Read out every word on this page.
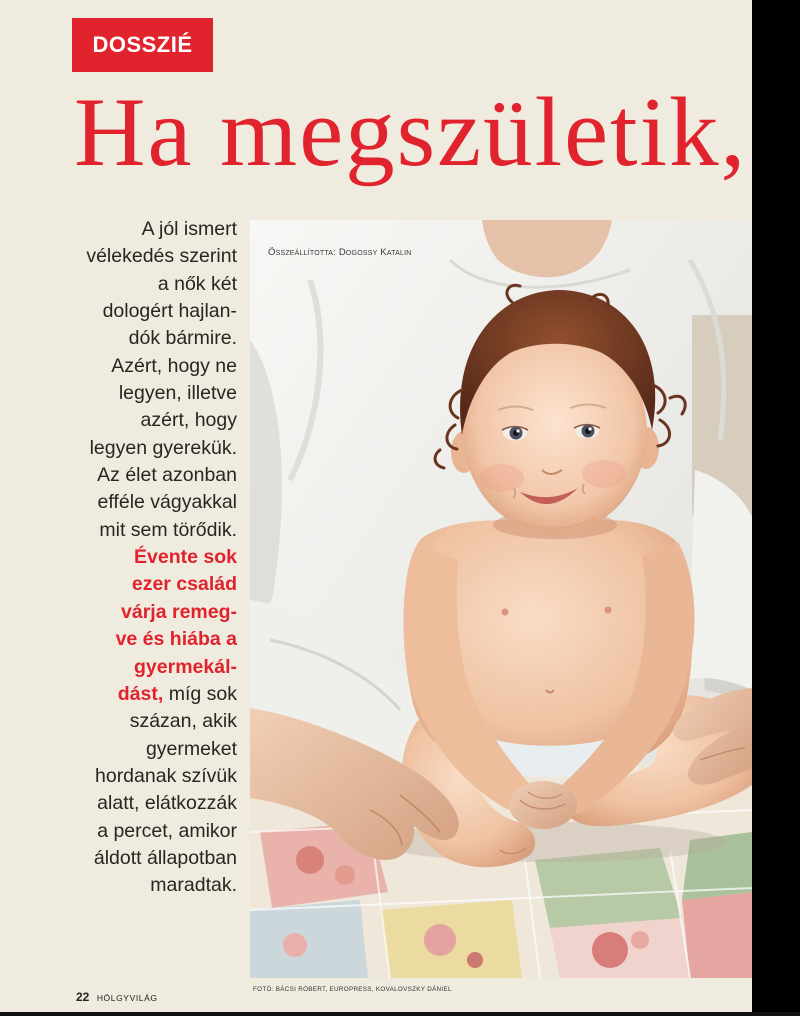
DOSSZIÉ
Ha megszületik,
A jól ismert
vélekedés szerint
a nők két
dologért hajlan-
dók bármire.
Azért, hogy ne
legyen, illetve
azért, hogy
legyen gyerekük.
Az élet azonban
efféle vágyakkal
mit sem törődik.
Évente sok
ezer család
várja remeg-
ve és hiába a
gyermekál-
dást, míg sok
százan, akik
gyermeket
hordanak szívük
alatt, elátkozzák
a percet, amikor
áldott állapotban
maradtak.
Összeállította: Dogossy Katalin
FOTÓ: BÁCSI RÓBERT, EUROPRESS, KOVALOVSZKY DÁNIEL
22 HÖLGYVILÁG
